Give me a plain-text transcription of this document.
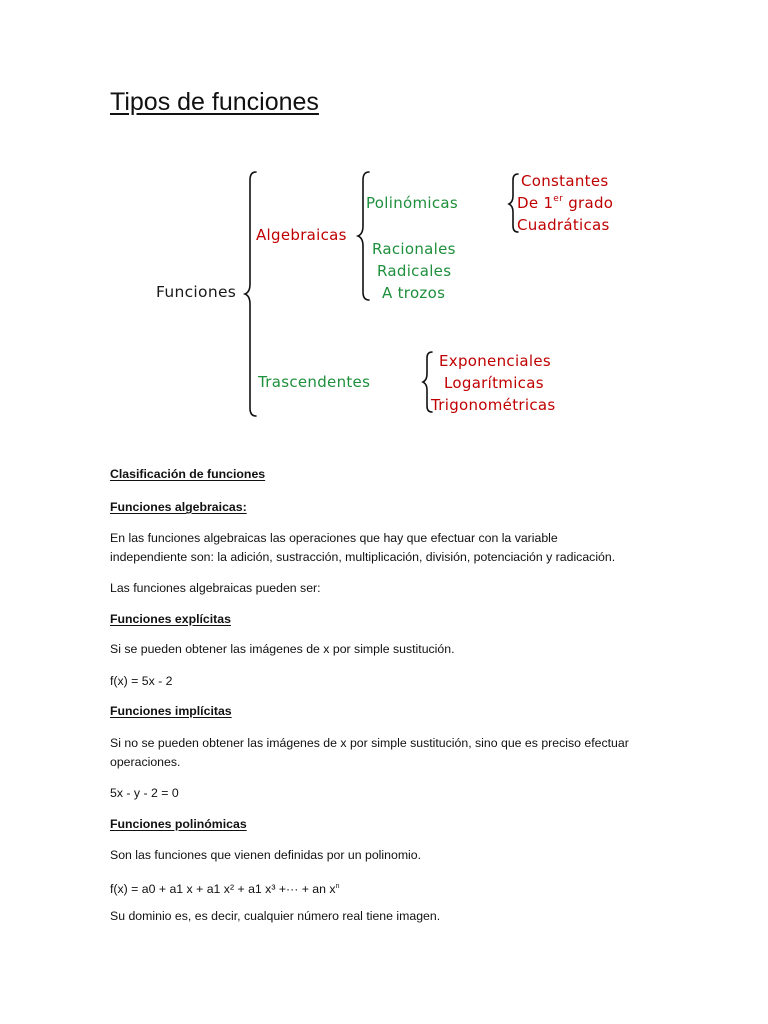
Tipos de funciones
Funciones
Algebraicas
Trascendentes
Polinómicas
Racionales
Radicales
A trozos
Constantes
De 1er grado
Cuadráticas
Exponenciales
Logarítmicas
Trigonométricas
Clasificación de funciones
Funciones algebraicas:
En las funciones algebraicas las operaciones que hay que efectuar con la variable
independiente son: la adición, sustracción, multiplicación, división, potenciación y radicación.
Las funciones algebraicas pueden ser:
Funciones explícitas
Si se pueden obtener las imágenes de x por simple sustitución.
f(x) = 5x - 2
Funciones implícitas
Si no se pueden obtener las imágenes de x por simple sustitución, sino que es preciso efectuar
operaciones.
5x - y - 2 = 0
Funciones polinómicas
Son las funciones que vienen definidas por un polinomio.
f(x) = a0 + a1 x + a1 x² + a1 x³ +··· + an $x^n$
Su dominio es, es decir, cualquier número real tiene imagen.
